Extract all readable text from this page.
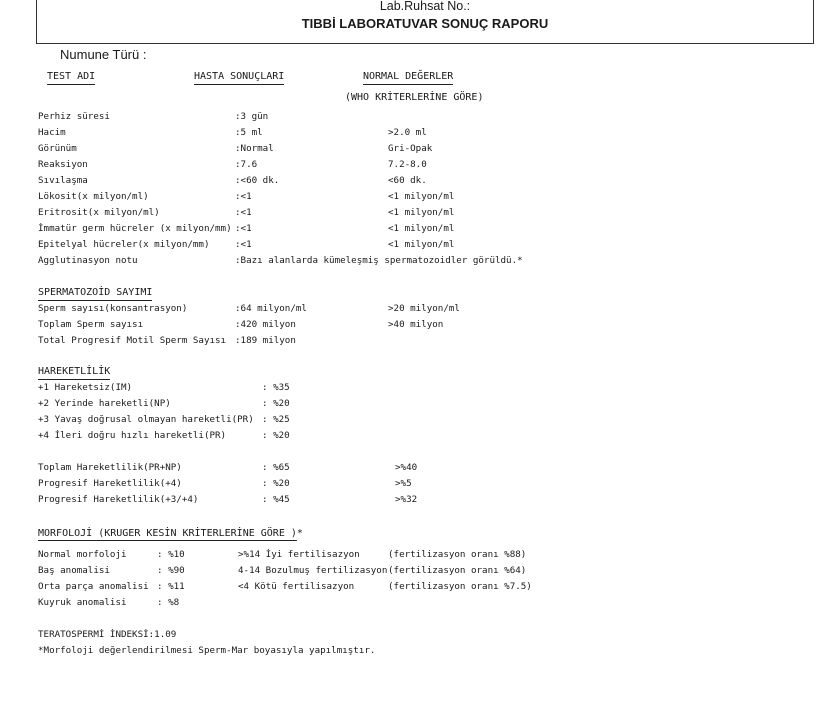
Lab.Ruhsat No.:
TIBBİ LABORATUVAR SONUÇ RAPORU
Numune Türü :
TEST ADI	HASTA SONUÇLARI	NORMAL DEĞERLER
(WHO KRİTERLERİNE GÖRE)
Perhiz süresi	:3 gün
Hacim	:5 ml	>2.0 ml
Görünüm	:Normal	Gri-Opak
Reaksiyon	:7.6	7.2-8.0
Sıvılaşma	:<60 dk.	<60 dk.
Lökosit(x milyon/ml)	:<1	<1 milyon/ml
Eritrosit(x milyon/ml)	:<1	<1 milyon/ml
İmmatür germ hücreler (x milyon/mm) :<1	<1 milyon/ml
Epitelyal hücreler(x milyon/mm)	:<1	<1 milyon/ml
Agglutinasyon notu	:Bazı alanlarda kümeleşmiş spermatozoidler görüldü.*
SPERMATOZOİD SAYIMI
Sperm sayısı(konsantrasyon)	:64 milyon/ml	>20 milyon/ml
Toplam Sperm sayısı	:420 milyon	>40 milyon
Total Progresif Motil Sperm Sayısı :189 milyon
HAREKETLİLİK
+1 Hareketsiz(IM)	: %35
+2 Yerinde hareketli(NP)	: %20
+3 Yavaş doğrusal olmayan hareketli(PR) : %25
+4 İleri doğru hızlı hareketli(PR)	: %20
Toplam Hareketlilik(PR+NP)	: %65	>%40
Progresif Hareketlilik(+4)	: %20	>%5
Progresif Hareketlilik(+3/+4)	: %45	>%32
MORFOLOJİ (KRUGER KESİN KRİTERLERİNE GÖRE )*
Normal morfoloji	: %10	>%14 İyi fertilisazyon	(fertilizasyon oranı %88)
Baş anomalisi	: %90	4-14 Bozulmuş fertilizasyon (fertilizasyon oranı %64)
Orta parça anomalisi : %11	<4 Kötü fertilisazyon	(fertilizasyon oranı %7.5)
Kuyruk anomalisi	: %8
TERATOSPERMİ İNDEKSİ:1.09
*Morfoloji değerlendirilmesi Sperm-Mar boyasıyla yapılmıştır.
